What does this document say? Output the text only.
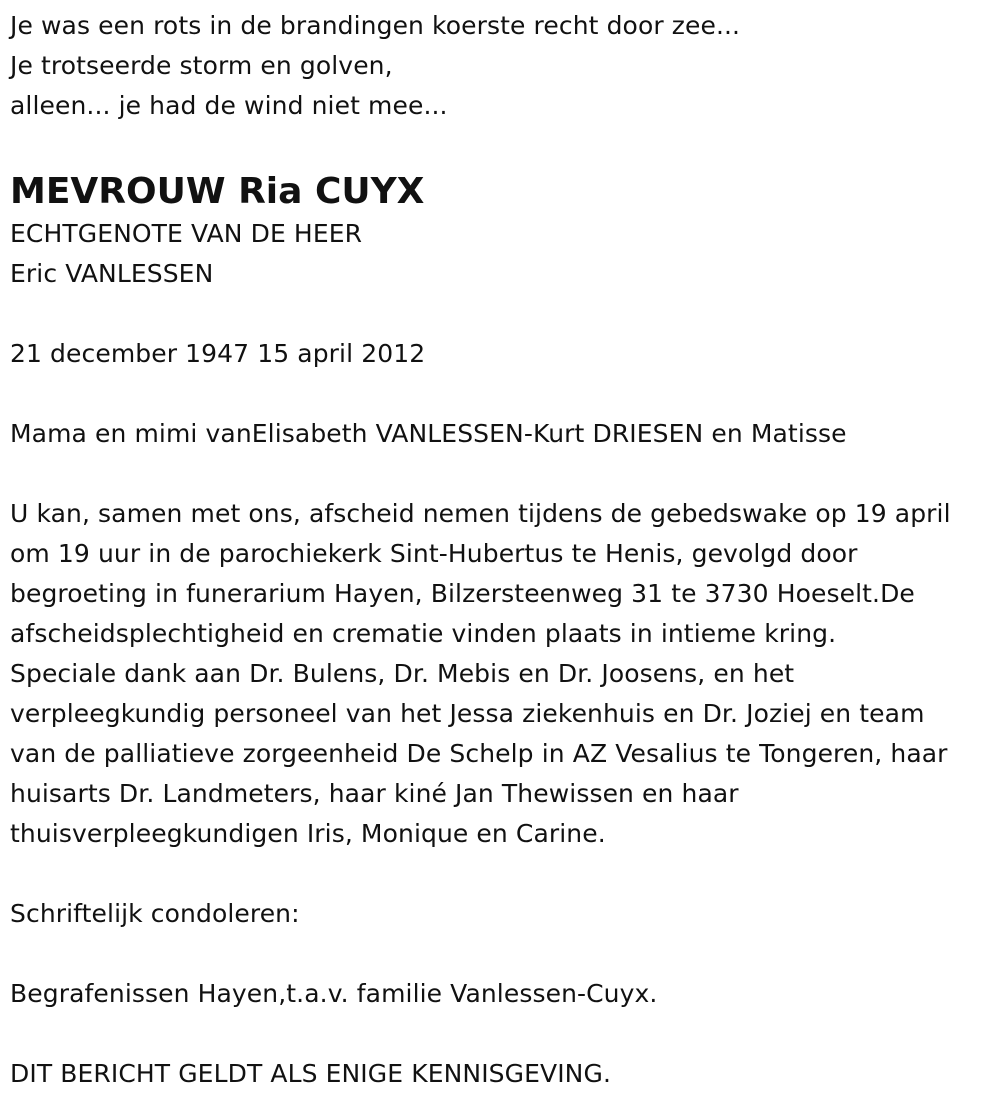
Je was een rots in de brandingen koerste recht door zee...
Je trotseerde storm en golven,
alleen... je had de wind niet mee...
MEVROUW Ria CUYX
ECHTGENOTE VAN DE HEER
Eric VANLESSEN
21 december 1947 15 april 2012
Mama en mimi vanElisabeth VANLESSEN-Kurt DRIESEN en Matisse
U kan, samen met ons, afscheid nemen tijdens de gebedswake op 19 april
om 19 uur in de parochiekerk Sint-Hubertus te Henis, gevolgd door
begroeting in funerarium Hayen, Bilzersteenweg 31 te 3730 Hoeselt.De
afscheidsplechtigheid en crematie vinden plaats in intieme kring.
Speciale dank aan Dr. Bulens, Dr. Mebis en Dr. Joosens, en het
verpleegkundig personeel van het Jessa ziekenhuis en Dr. Joziej en team
van de palliatieve zorgeenheid De Schelp in AZ Vesalius te Tongeren, haar
huisarts Dr. Landmeters, haar kiné Jan Thewissen en haar
thuisverpleegkundigen Iris, Monique en Carine.
Schriftelijk condoleren:
Begrafenissen Hayen,t.a.v. familie Vanlessen-Cuyx.
DIT BERICHT GELDT ALS ENIGE KENNISGEVING.
